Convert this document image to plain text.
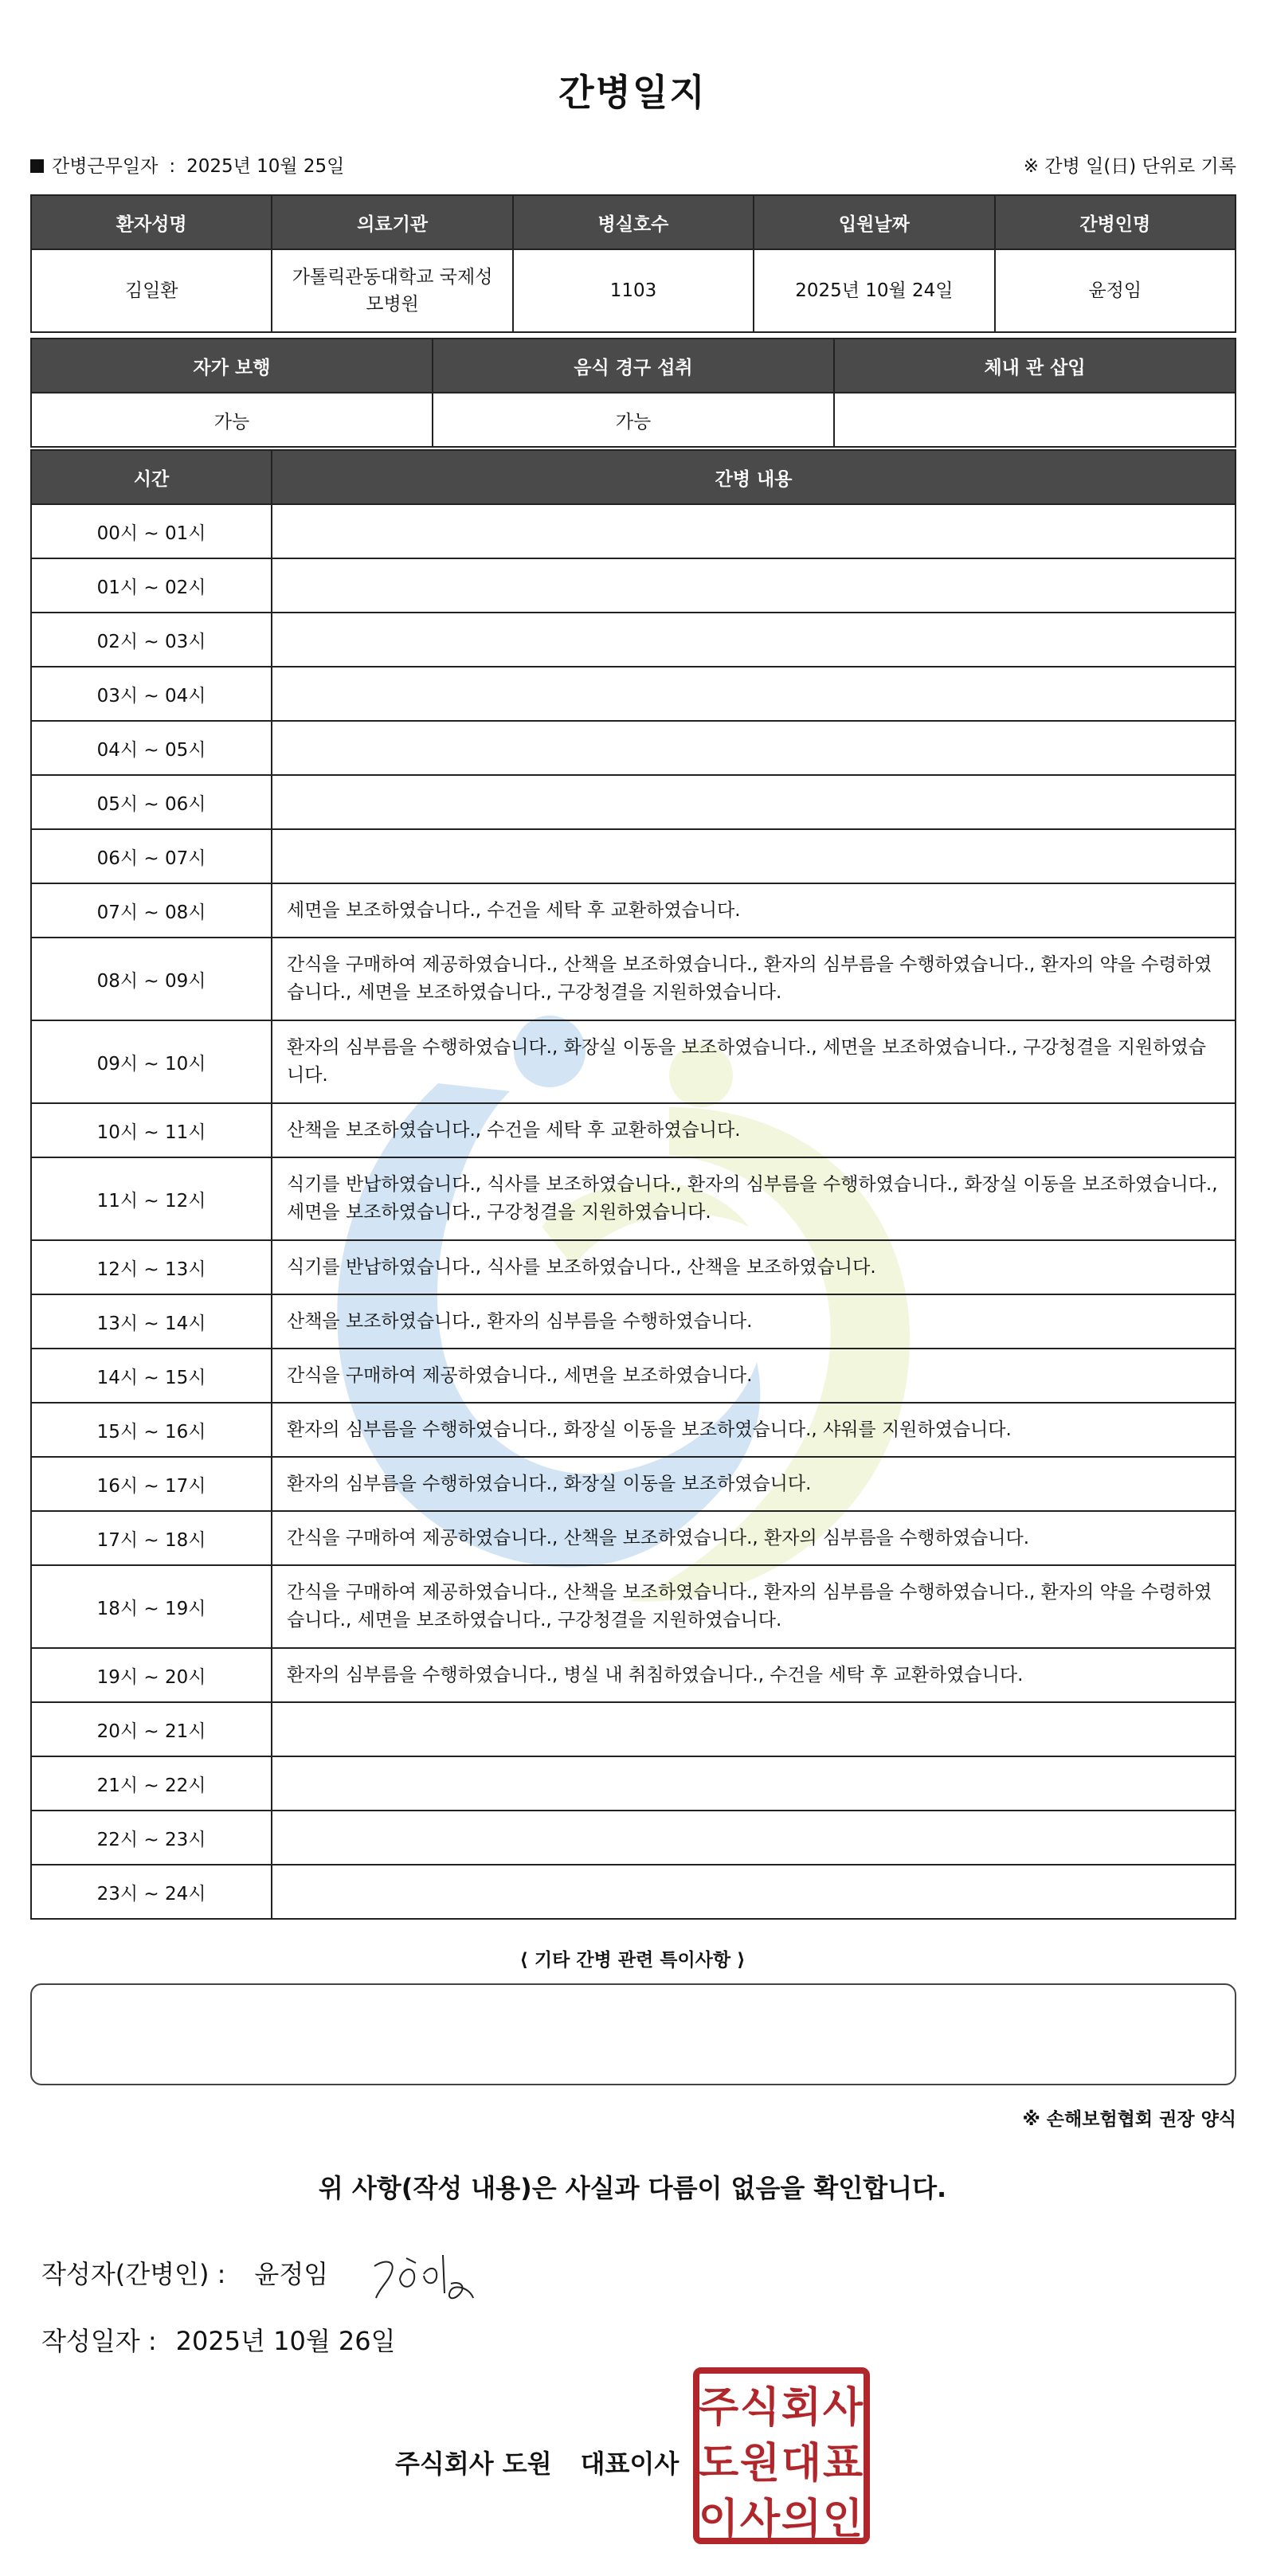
간병일지
간병근무일자 : 2025년 10월 25일	※ 간병 일(日) 단위로 기록
환자성명	의료기관	병실호수	입원날짜	간병인명
김일환	가톨릭관동대학교 국제성모병원	1103	2025년 10월 24일	윤정임
자가 보행	음식 경구 섭취	체내 관 삽입
가능	가능	
시간	간병 내용
00시 ~ 01시	
01시 ~ 02시	
02시 ~ 03시	
03시 ~ 04시	
04시 ~ 05시	
05시 ~ 06시	
06시 ~ 07시	
07시 ~ 08시	세면을 보조하였습니다., 수건을 세탁 후 교환하였습니다.
08시 ~ 09시	간식을 구매하여 제공하였습니다., 산책을 보조하였습니다., 환자의 심부름을 수행하였습니다., 환자의 약을 수령하였습니다., 세면을 보조하였습니다., 구강청결을 지원하였습니다.
09시 ~ 10시	환자의 심부름을 수행하였습니다., 화장실 이동을 보조하였습니다., 세면을 보조하였습니다., 구강청결을 지원하였습니다.
10시 ~ 11시	산책을 보조하였습니다., 수건을 세탁 후 교환하였습니다.
11시 ~ 12시	식기를 반납하였습니다., 식사를 보조하였습니다., 환자의 심부름을 수행하였습니다., 화장실 이동을 보조하였습니다., 세면을 보조하였습니다., 구강청결을 지원하였습니다.
12시 ~ 13시	식기를 반납하였습니다., 식사를 보조하였습니다., 산책을 보조하였습니다.
13시 ~ 14시	산책을 보조하였습니다., 환자의 심부름을 수행하였습니다.
14시 ~ 15시	간식을 구매하여 제공하였습니다., 세면을 보조하였습니다.
15시 ~ 16시	환자의 심부름을 수행하였습니다., 화장실 이동을 보조하였습니다., 샤워를 지원하였습니다.
16시 ~ 17시	환자의 심부름을 수행하였습니다., 화장실 이동을 보조하였습니다.
17시 ~ 18시	간식을 구매하여 제공하였습니다., 산책을 보조하였습니다., 환자의 심부름을 수행하였습니다.
18시 ~ 19시	간식을 구매하여 제공하였습니다., 산책을 보조하였습니다., 환자의 심부름을 수행하였습니다., 환자의 약을 수령하였습니다., 세면을 보조하였습니다., 구강청결을 지원하였습니다.
19시 ~ 20시	환자의 심부름을 수행하였습니다., 병실 내 취침하였습니다., 수건을 세탁 후 교환하였습니다.
20시 ~ 21시	
21시 ~ 22시	
22시 ~ 23시	
23시 ~ 24시	
⟨ 기타 간병 관련 특이사항 ⟩
※ 손해보험협회 권장 양식
위 사항(작성 내용)은 사실과 다름이 없음을 확인합니다.
작성자(간병인) : 윤정임
작성일자 : 2025년 10월 26일
주식회사 도원 대표이사
주 식 회 사
도 원 대 표
이 사 의 인
